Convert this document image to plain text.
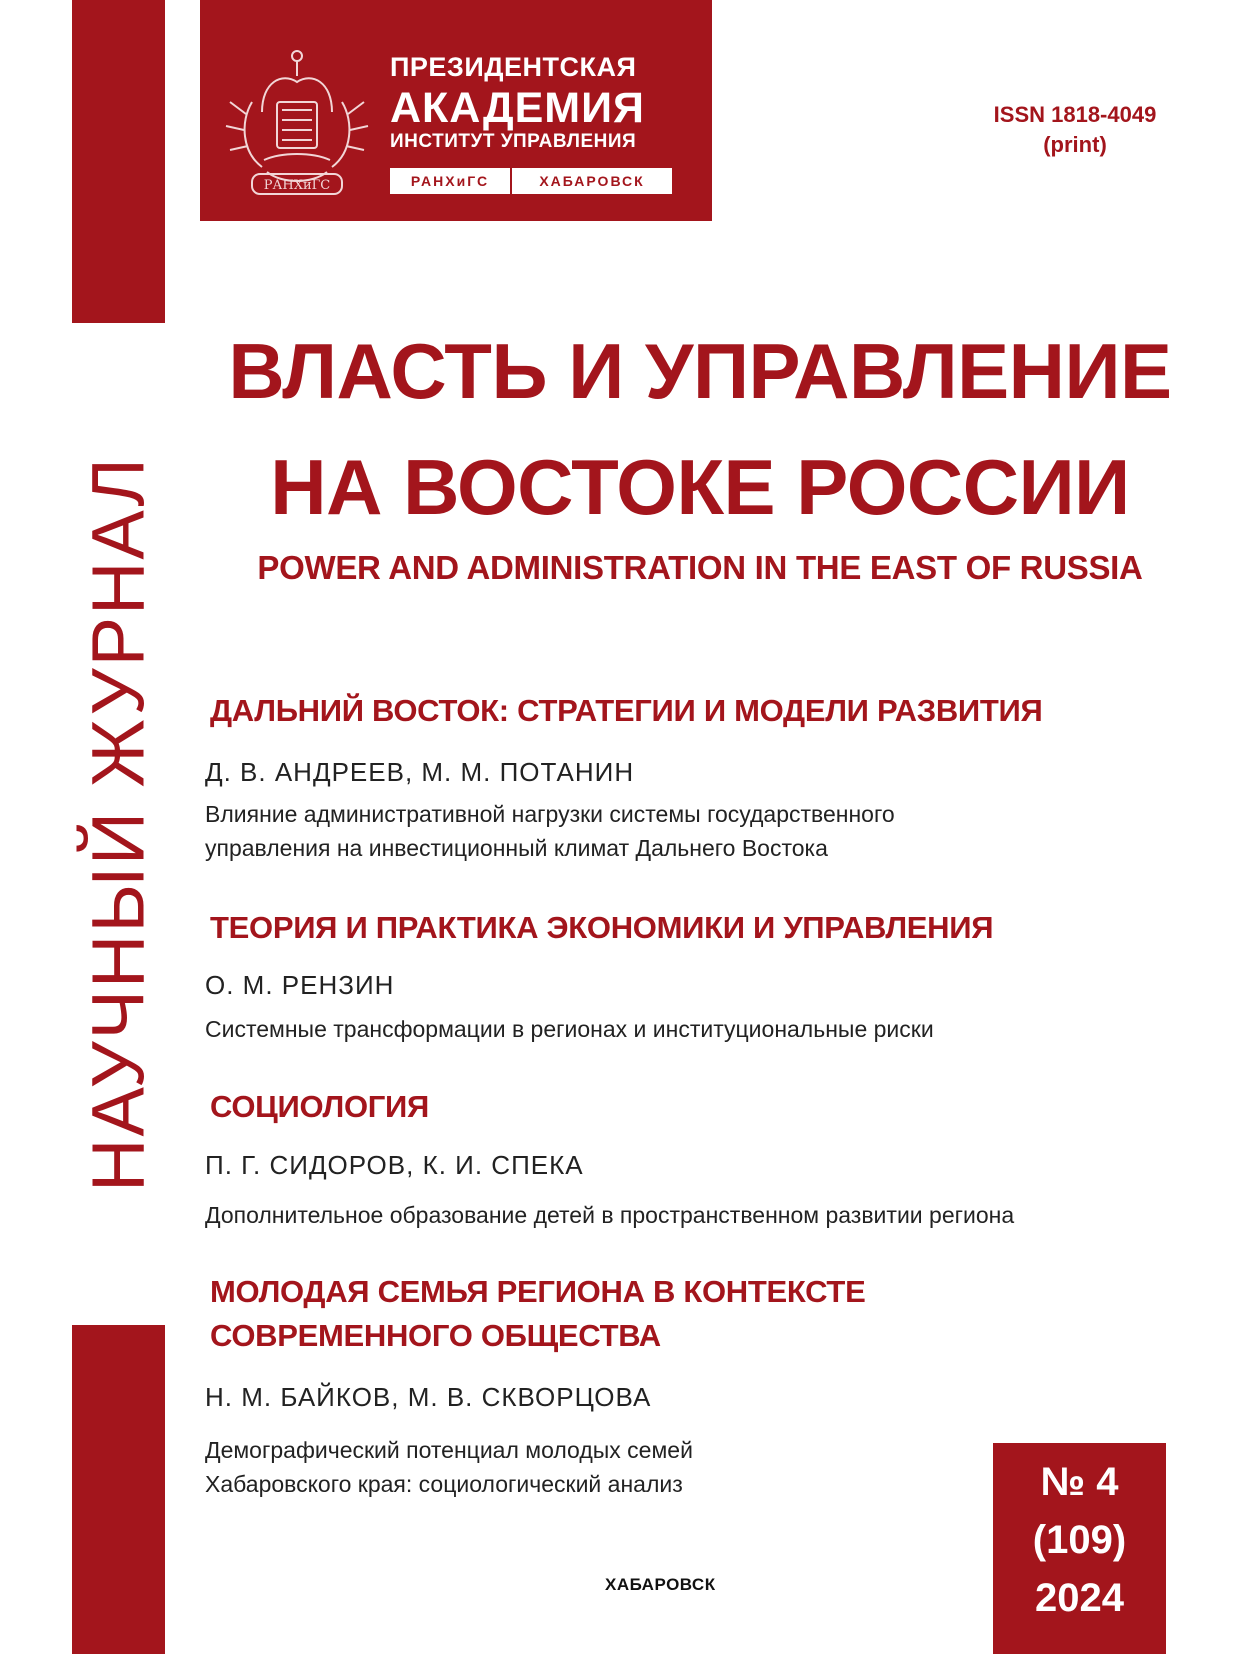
НАУЧНЫЙ ЖУРНАЛ
РАНХиГС
ПРЕЗИДЕНТСКАЯ
АКАДЕМИЯ
ИНСТИТУТ УПРАВЛЕНИЯ
РАНХиГС	ХАБАРОВСК
ISSN 1818-4049
(print)
ВЛАСТЬ И УПРАВЛЕНИЕ
НА ВОСТОКЕ РОССИИ
POWER AND ADMINISTRATION IN THE EAST OF RUSSIA
ДАЛЬНИЙ ВОСТОК: СТРАТЕГИИ И МОДЕЛИ РАЗВИТИЯ
Д. В. АНДРЕЕВ, М. М. ПОТАНИН
Влияние административной нагрузки системы государственного
управления на инвестиционный климат Дальнего Востока
ТЕОРИЯ И ПРАКТИКА ЭКОНОМИКИ И УПРАВЛЕНИЯ
О. М. РЕНЗИН
Системные трансформации в регионах и институциональные риски
СОЦИОЛОГИЯ
П. Г. СИДОРОВ, К. И. СПЕКА
Дополнительное образование детей в пространственном развитии региона
МОЛОДАЯ СЕМЬЯ РЕГИОНА В КОНТЕКСТЕ
СОВРЕМЕННОГО ОБЩЕСТВА
Н. М. БАЙКОВ, М. В. СКВОРЦОВА
Демографический потенциал молодых семей
Хабаровского края: социологический анализ	№ 4
(109)
2024
ХАБАРОВСК
